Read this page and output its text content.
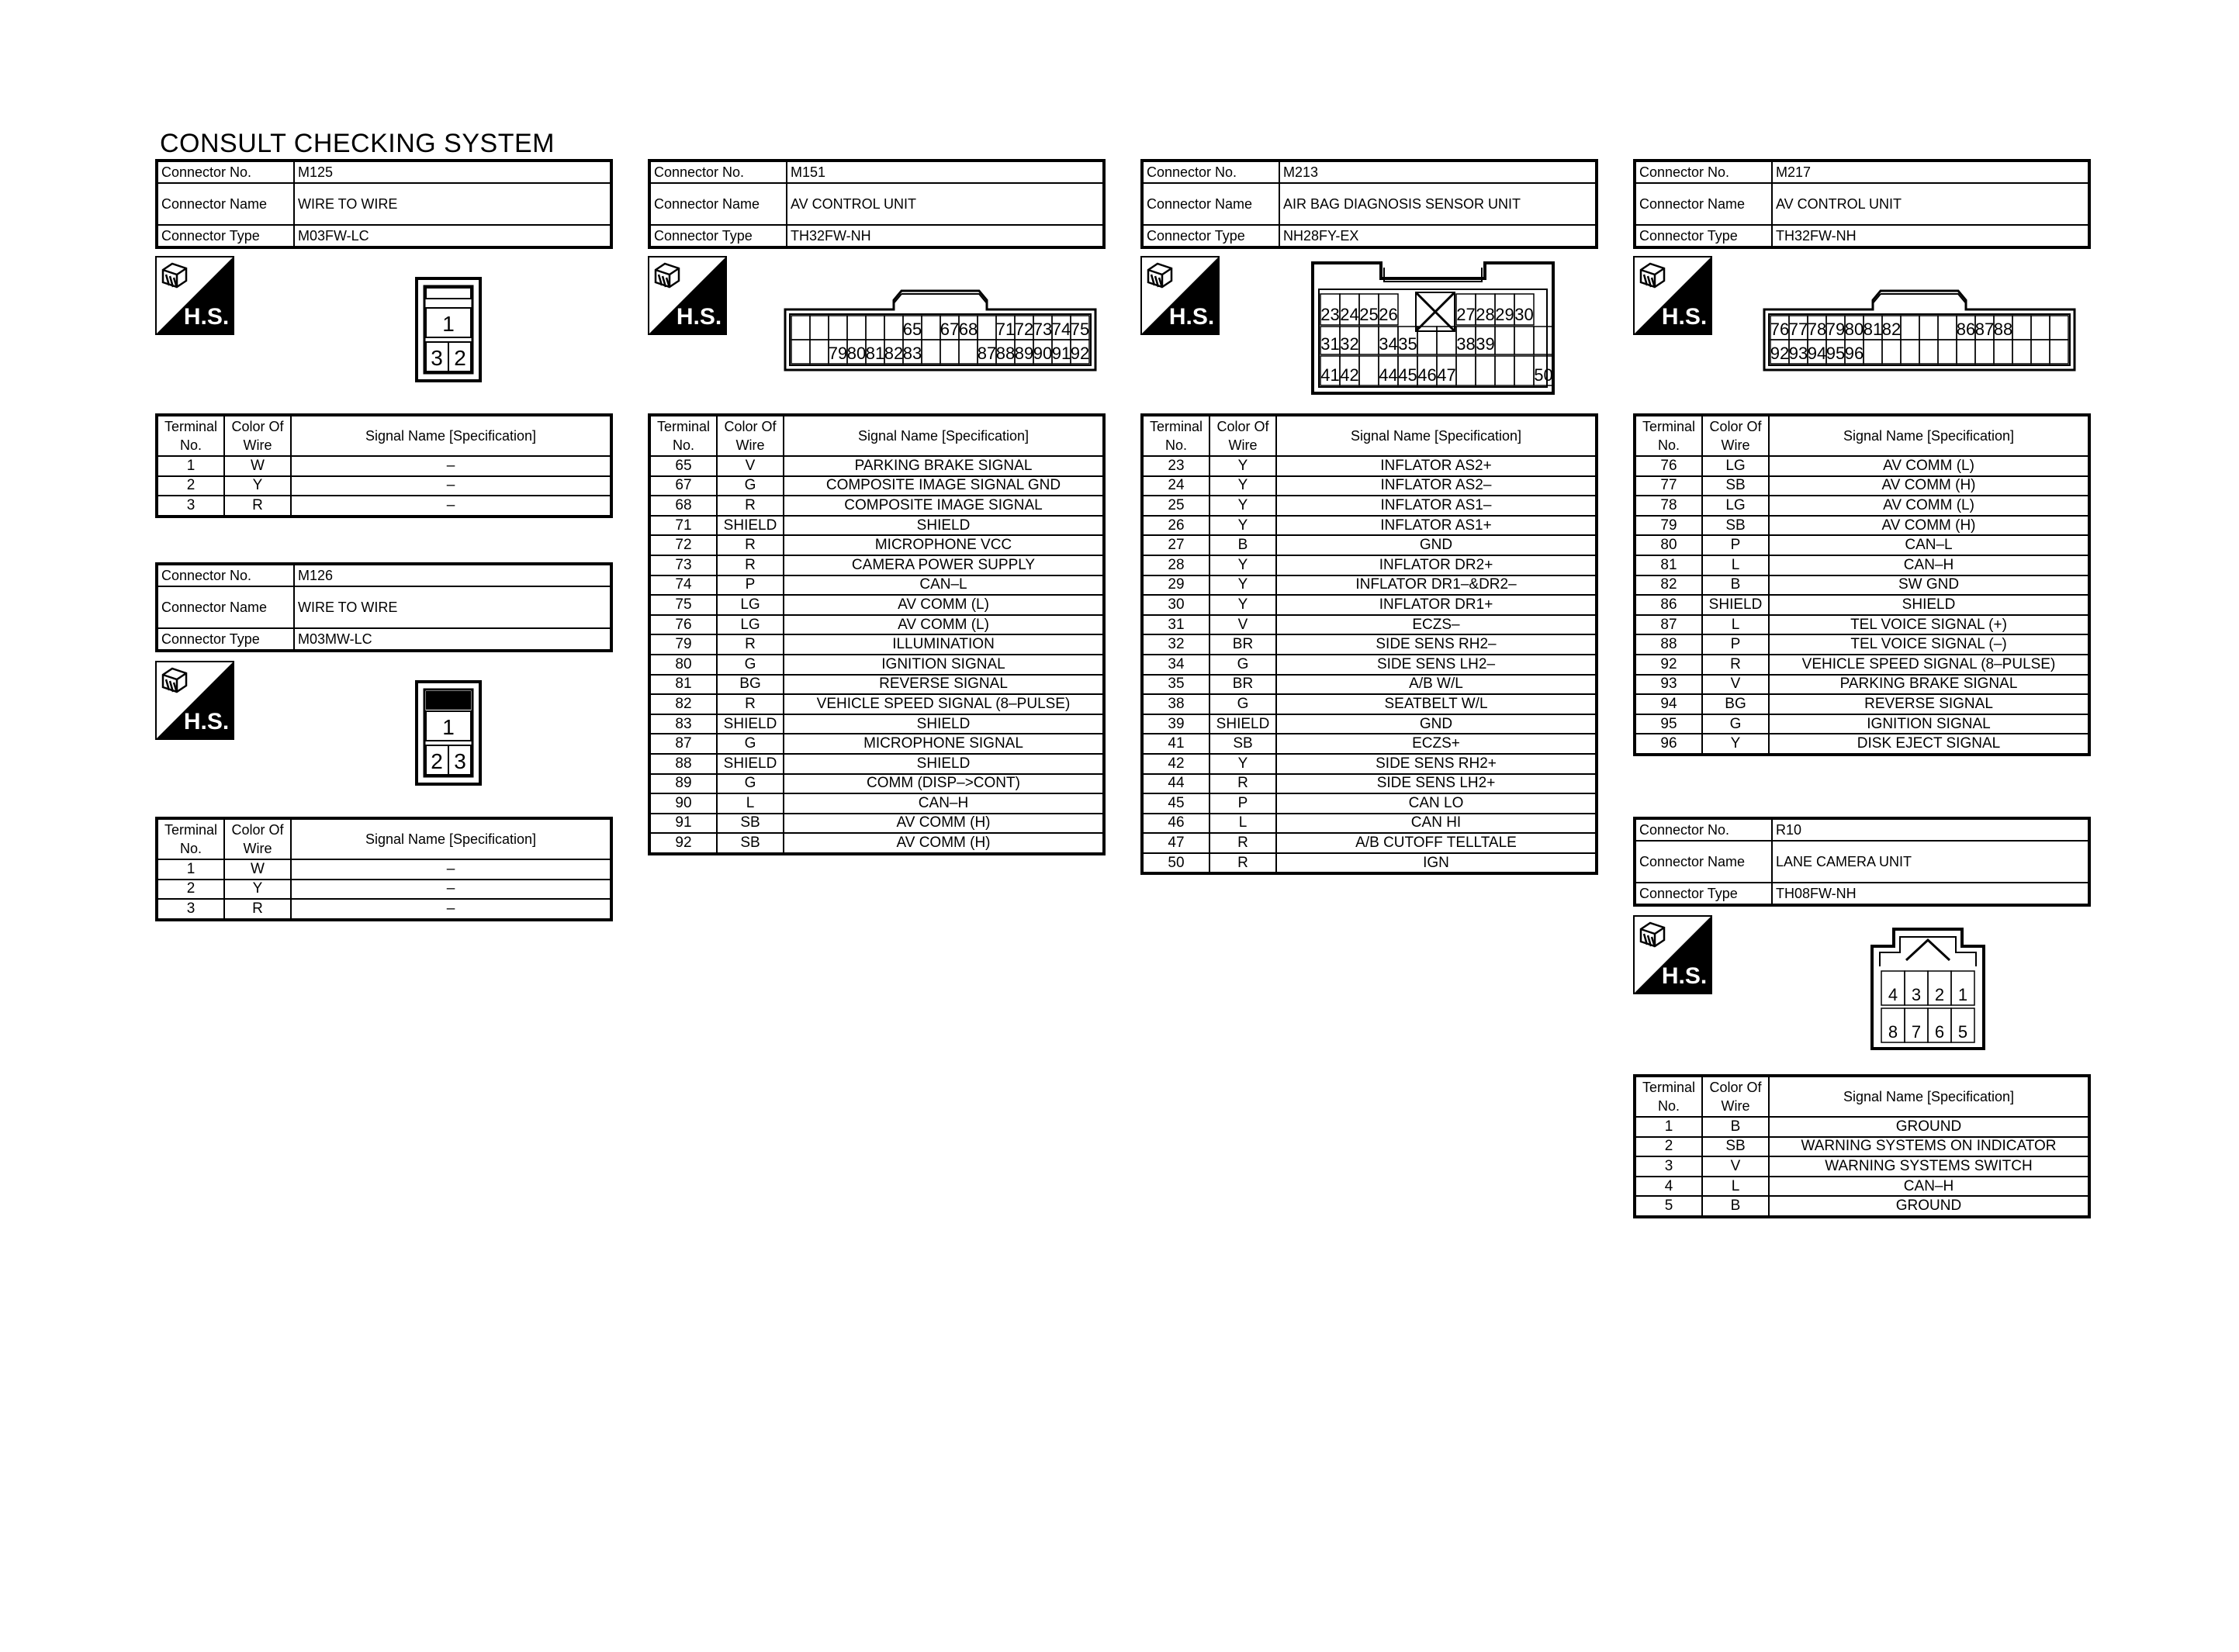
CONSULT CHECKING SYSTEM
Connector No.	M125
Connector Name	WIRE TO WIRE
Connector Type	M03FW-LC
H.S.	1
3 2
Terminal No.	Color Of Wire	Signal Name [Specification]
1	W	–
2	Y	–
3	R	–
Connector No.	M126
Connector Name	WIRE TO WIRE
Connector Type	M03MW-LC
H.S.	1
2 3
Terminal No.	Color Of Wire	Signal Name [Specification]
1	W	–
2	Y	–
3	R	–
Connector No.	M151
Connector Name	AV CONTROL UNIT
Connector Type	TH32FW-NH
H.S.
79 80 81 82
65
83
67 68
87
71
88
72
89
73
90
74
91
75
92
Terminal No.	Color Of Wire	Signal Name [Specification]
65	V	PARKING BRAKE SIGNAL
67	G	COMPOSITE IMAGE SIGNAL GND
68	R	COMPOSITE IMAGE SIGNAL
71	SHIELD	SHIELD
72	R	MICROPHONE VCC
73	R	CAMERA POWER SUPPLY
74	P	CAN–L
75	LG	AV COMM (L)
76	LG	AV COMM (L)
79	R	ILLUMINATION
80	G	IGNITION SIGNAL
81	BG	REVERSE SIGNAL
82	R	VEHICLE SPEED SIGNAL (8–PULSE)
83	SHIELD	SHIELD
87	G	MICROPHONE SIGNAL
88	SHIELD	SHIELD
89	G	COMM (DISP–>CONT)
90	L	CAN–H
91	SB	AV COMM (H)
92	SB	AV COMM (H)
Connector No.	M213
Connector Name	AIR BAG DIAGNOSIS SENSOR UNIT
Connector Type	NH28FY-EX
H.S.	23 24 25 26	27 28 29 30
31 32 34 35 38 39
41 42 44 45 46 47	50
Terminal No.	Color Of Wire	Signal Name [Specification]
23	Y	INFLATOR AS2+
24	Y	INFLATOR AS2–
25	Y	INFLATOR AS1–
26	Y	INFLATOR AS1+
27	B	GND
28	Y	INFLATOR DR2+
29	Y	INFLATOR DR1–&DR2–
30	Y	INFLATOR DR1+
31	V	ECZS–
32	BR	SIDE SENS RH2–
34	G	SIDE SENS LH2–
35	BR	A/B W/L
38	G	SEATBELT W/L
39	SHIELD	GND
41	SB	ECZS+
42	Y	SIDE SENS RH2+
44	R	SIDE SENS LH2+
45	P	CAN LO
46	L	CAN HI
47	R	A/B CUTOFF TELLTALE
50	R	IGN
Connector No.	M217
Connector Name	AV CONTROL UNIT
Connector Type	TH32FW-NH
H.S.	76
92
77
93
78
94
79
95
80
96
81 82	86 87 88
Terminal No.	Color Of Wire	Signal Name [Specification]
76	LG	AV COMM (L)
77	SB	AV COMM (H)
78	LG	AV COMM (L)
79	SB	AV COMM (H)
80	P	CAN–L
81	L	CAN–H
82	B	SW GND
86	SHIELD	SHIELD
87	L	TEL VOICE SIGNAL (+)
88	P	TEL VOICE SIGNAL (–)
92	R	VEHICLE SPEED SIGNAL (8–PULSE)
93	V	PARKING BRAKE SIGNAL
94	BG	REVERSE SIGNAL
95	G	IGNITION SIGNAL
96	Y	DISK EJECT SIGNAL
Connector No.	R10
Connector Name	LANE CAMERA UNIT
Connector Type	TH08FW-NH
H.S.
4
8
3
7
2
6
1
5
Terminal No.	Color Of Wire	Signal Name [Specification]
1	B	GROUND
2	SB	WARNING SYSTEMS ON INDICATOR
3	V	WARNING SYSTEMS SWITCH
4	L	CAN–H
5	B	GROUND
